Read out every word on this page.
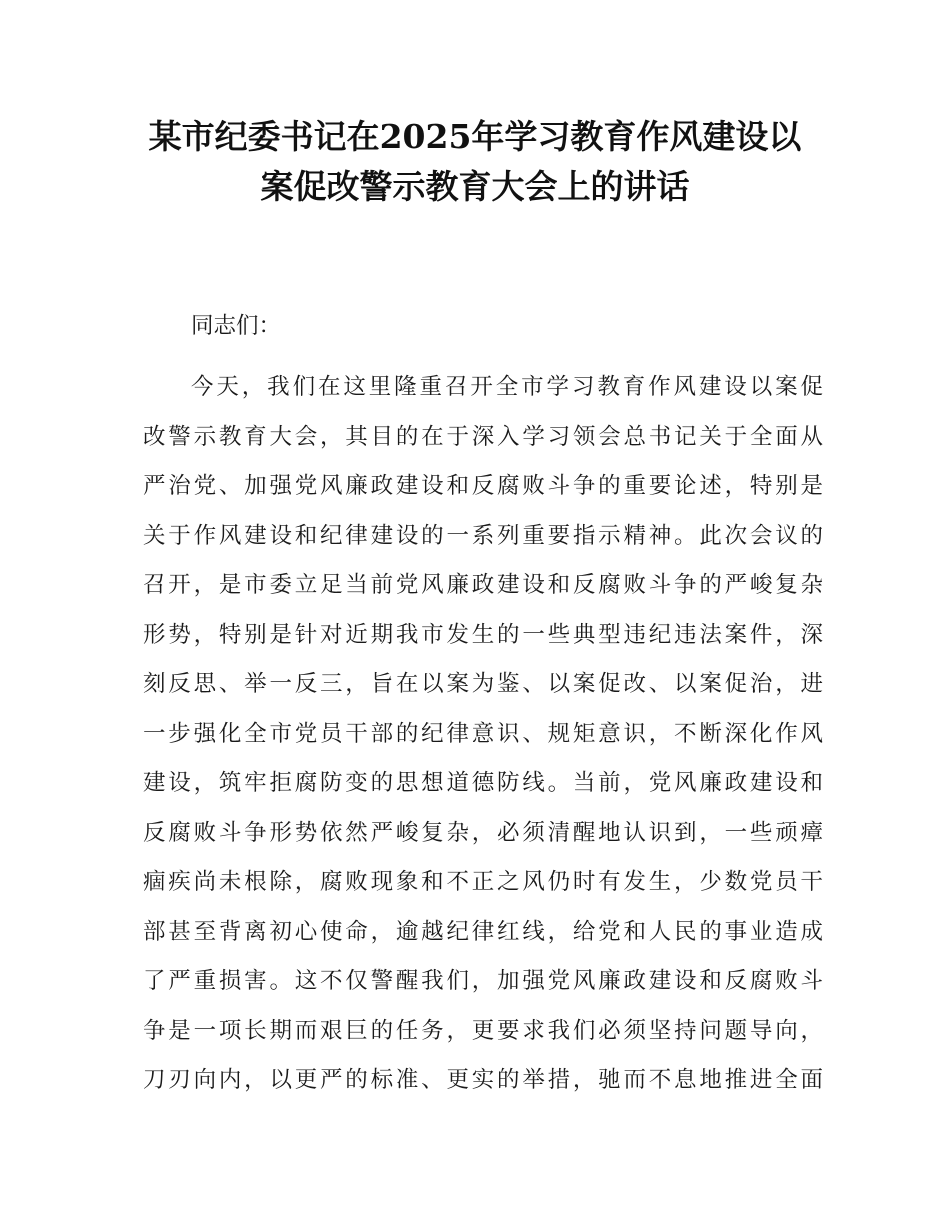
某市纪委书记在2025年学习教育作风建设以
案促改警示教育大会上的讲话

同志们：

今天，我们在这里隆重召开全市学习教育作风建设以案促
改警示教育大会，其目的在于深入学习领会总书记关于全面从
严治党、加强党风廉政建设和反腐败斗争的重要论述，特别是
关于作风建设和纪律建设的一系列重要指示精神。此次会议的
召开，是市委立足当前党风廉政建设和反腐败斗争的严峻复杂
形势，特别是针对近期我市发生的一些典型违纪违法案件，深
刻反思、举一反三，旨在以案为鉴、以案促改、以案促治，进
一步强化全市党员干部的纪律意识、规矩意识，不断深化作风
建设，筑牢拒腐防变的思想道德防线。当前，党风廉政建设和
反腐败斗争形势依然严峻复杂，必须清醒地认识到，一些顽瘴
痼疾尚未根除，腐败现象和不正之风仍时有发生，少数党员干
部甚至背离初心使命，逾越纪律红线，给党和人民的事业造成
了严重损害。这不仅警醒我们，加强党风廉政建设和反腐败斗
争是一项长期而艰巨的任务，更要求我们必须坚持问题导向，
刀刃向内，以更严的标准、更实的举措，驰而不息地推进全面
